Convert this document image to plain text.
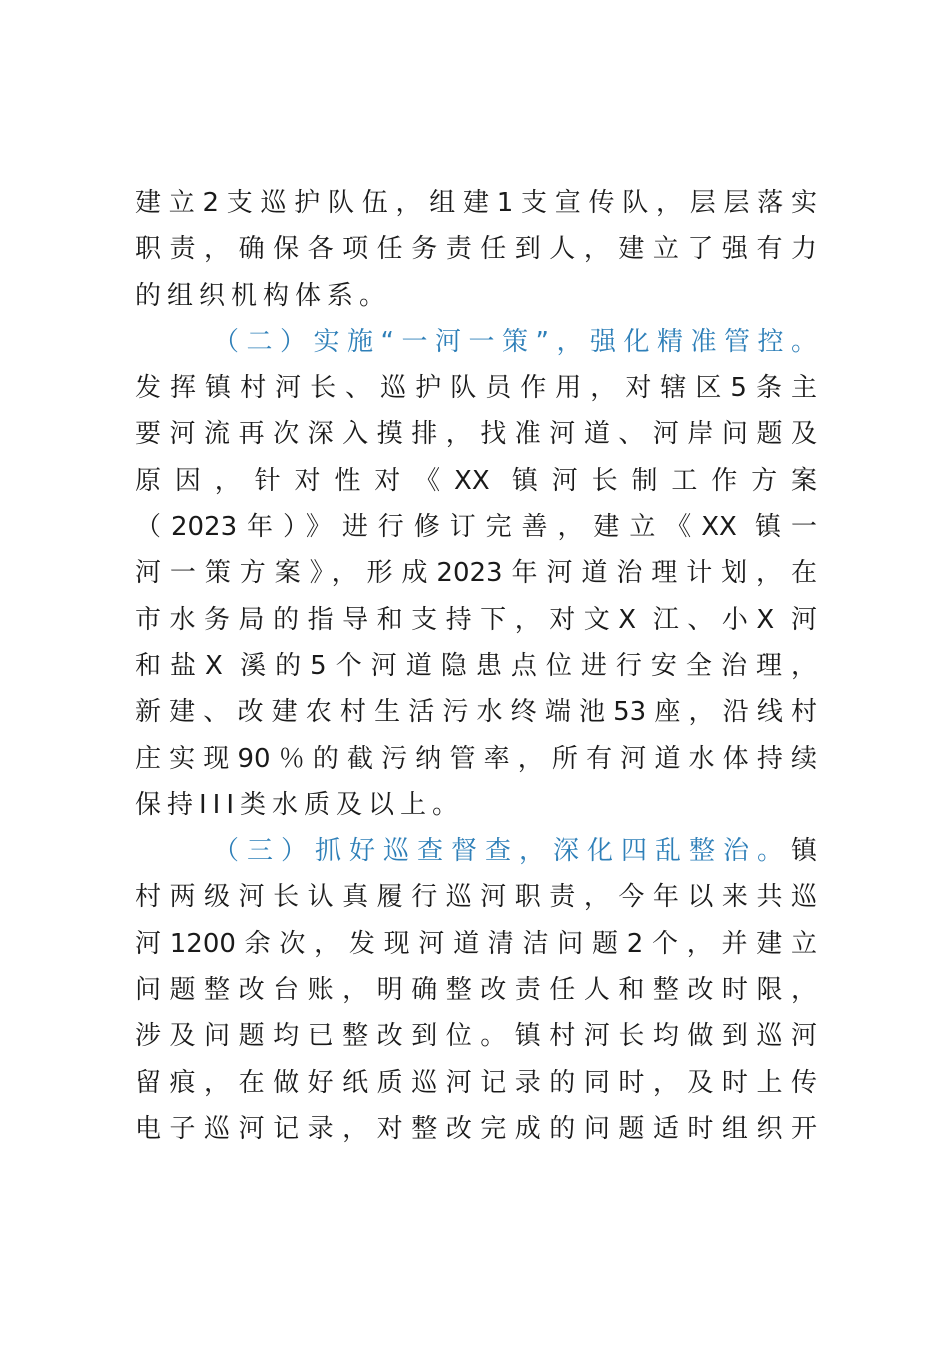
建立2支巡护队伍，组建1支宣传队，层层落实
职责，确保各项任务责任到人，建立了强有力
的组织机构体系。
（二）实施“一河一策”，强化精准管控。
发挥镇村河长、巡护队员作用，对辖区5条主
要河流再次深入摸排，找准河道、河岸问题及
原因，针对性对《XX 镇河长制工作方案
（2023年）》进行修订完善，建立《XX 镇一
河一策方案》，形成2023年河道治理计划，在
市水务局的指导和支持下，对文X 江、小X 河
和盐X 溪的5个河道隐患点位进行安全治理，
新建、改建农村生活污水终端池53座，沿线村
庄实现90％的截污纳管率，所有河道水体持续
保持III类水质及以上。
（三）抓好巡查督查，深化四乱整治。镇
村两级河长认真履行巡河职责，今年以来共巡
河1200余次，发现河道清洁问题2个，并建立
问题整改台账，明确整改责任人和整改时限，
涉及问题均已整改到位。镇村河长均做到巡河
留痕，在做好纸质巡河记录的同时，及时上传
电子巡河记录，对整改完成的问题适时组织开
